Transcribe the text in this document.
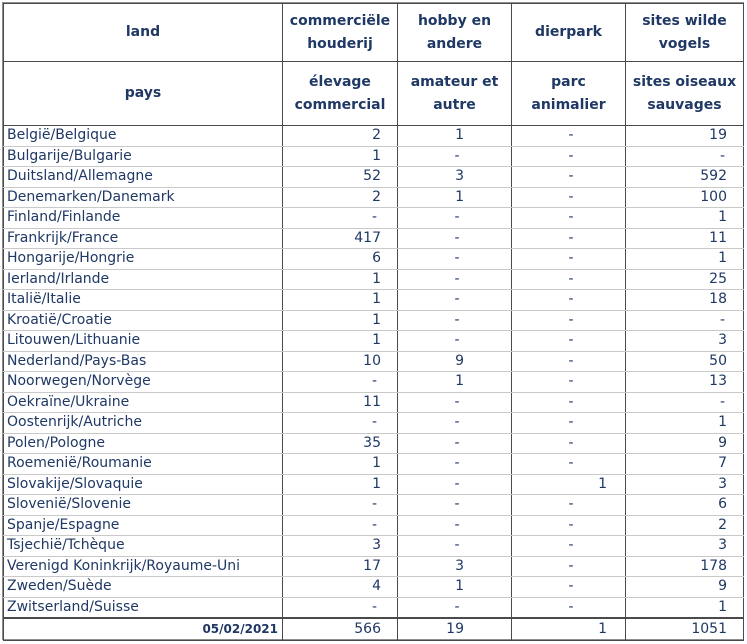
land	commerciële houderij	hobby en andere	dierpark	sites wilde vogels
pays	élevage commercial	amateur et autre	parc animalier	sites oiseaux sauvages
België/Belgique	2	1	-	19
Bulgarije/Bulgarie	1	-	-	-
Duitsland/Allemagne	52	3	-	592
Denemarken/Danemark	2	1	-	100
Finland/Finlande	-	-	-	1
Frankrijk/France	417	-	-	11
Hongarije/Hongrie	6	-	-	1
Ierland/Irlande	1	-	-	25
Italië/Italie	1	-	-	18
Kroatië/Croatie	1	-	-	-
Litouwen/Lithuanie	1	-	-	3
Nederland/Pays-Bas	10	9	-	50
Noorwegen/Norvège	-	1	-	13
Oekraïne/Ukraine	11	-	-	-
Oostenrijk/Autriche	-	-	-	1
Polen/Pologne	35	-	-	9
Roemenië/Roumanie	1	-	-	7
Slovakije/Slovaquie	1	-	1	3
Slovenië/Slovenie	-	-	-	6
Spanje/Espagne	-	-	-	2
Tsjechië/Tchèque	3	-	-	3
Verenigd Koninkrijk/Royaume-Uni	17	3	-	178
Zweden/Suède	4	1	-	9
Zwitserland/Suisse	-	-	-	1
05/02/2021	566	19	1	1051
